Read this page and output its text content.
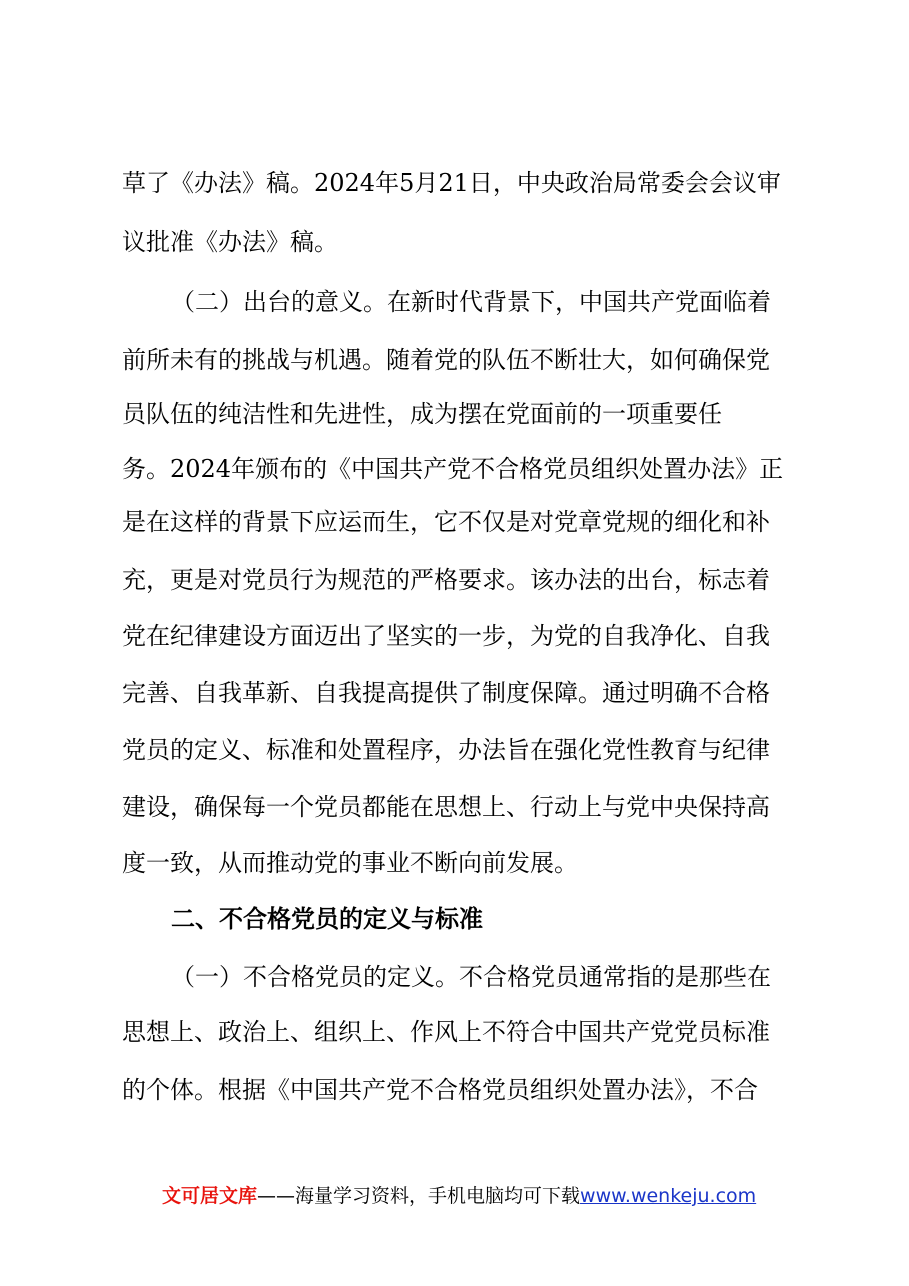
草了《办法》稿。2024年5月21日，中央政治局常委会会议审
议批准《办法》稿。
（二）出台的意义。在新时代背景下，中国共产党面临着
前所未有的挑战与机遇。随着党的队伍不断壮大，如何确保党
员队伍的纯洁性和先进性，成为摆在党面前的一项重要任
务。2024年颁布的《中国共产党不合格党员组织处置办法》正
是在这样的背景下应运而生，它不仅是对党章党规的细化和补
充，更是对党员行为规范的严格要求。该办法的出台，标志着
党在纪律建设方面迈出了坚实的一步，为党的自我净化、自我
完善、自我革新、自我提高提供了制度保障。通过明确不合格
党员的定义、标准和处置程序，办法旨在强化党性教育与纪律
建设，确保每一个党员都能在思想上、行动上与党中央保持高
度一致，从而推动党的事业不断向前发展。
二、不合格党员的定义与标准
（一）不合格党员的定义。不合格党员通常指的是那些在
思想上、政治上、组织上、作风上不符合中国共产党党员标准
的个体。根据《中国共产党不合格党员组织处置办法》，不合
文可居文库——海量学习资料，手机电脑均可下载www.wenkeju.com
